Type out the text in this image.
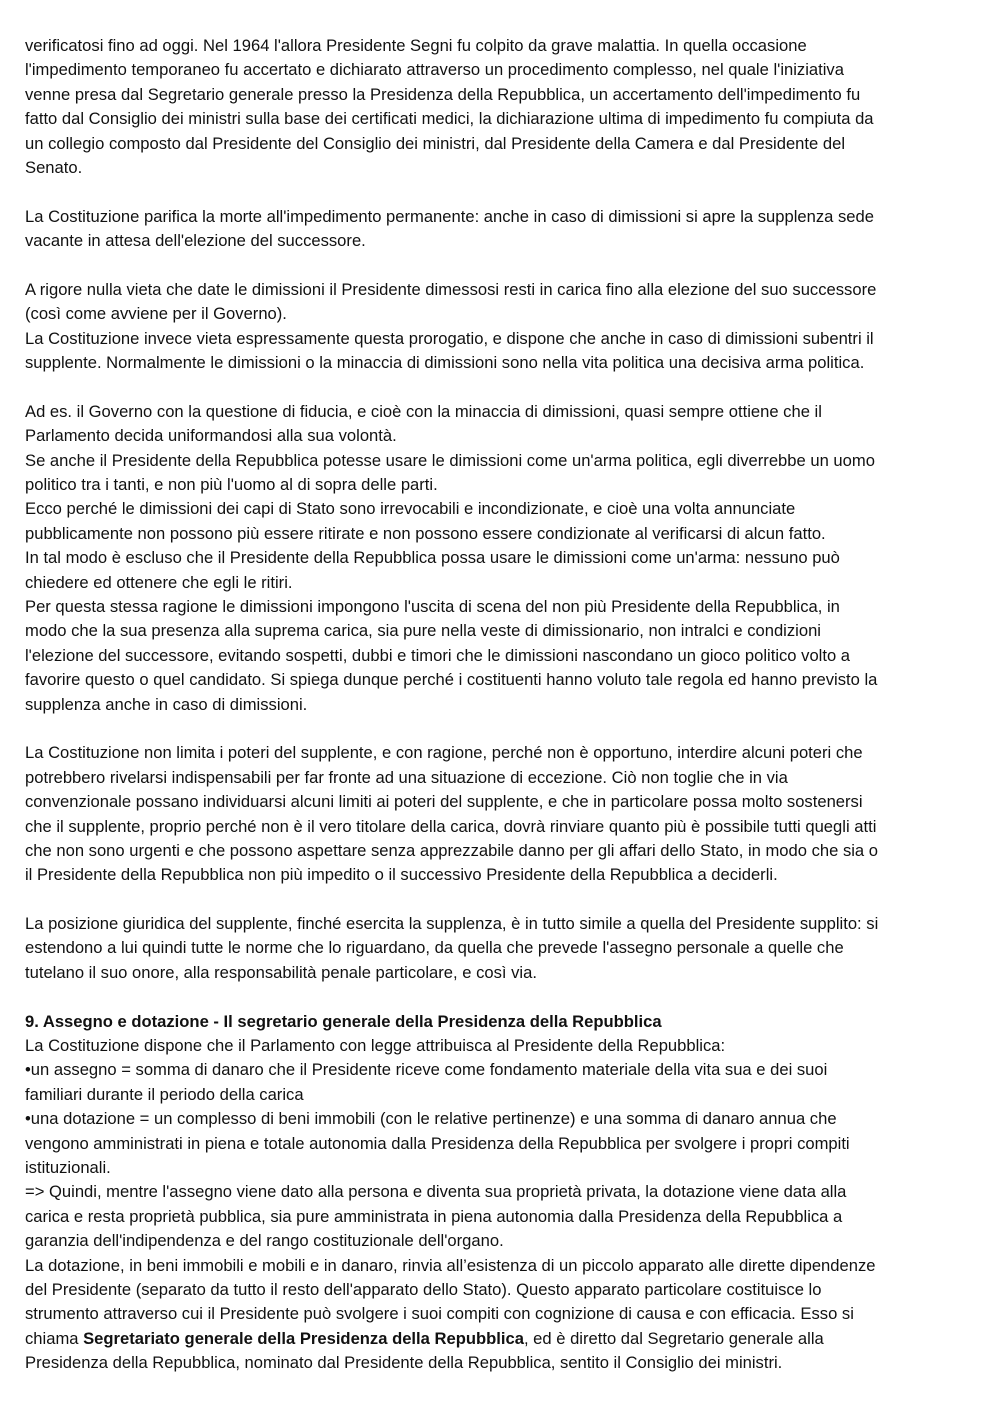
verificatosi fino ad oggi. Nel 1964 l'allora Presidente Segni fu colpito da grave malattia. In quella occasione
l'impedimento temporaneo fu accertato e dichiarato attraverso un procedimento complesso, nel quale l'iniziativa
venne presa dal Segretario generale presso la Presidenza della Repubblica, un accertamento dell'impedimento fu
fatto dal Consiglio dei ministri sulla base dei certificati medici, la dichiarazione ultima di impedimento fu compiuta da
un collegio composto dal Presidente del Consiglio dei ministri, dal Presidente della Camera e dal Presidente del
Senato.
La Costituzione parifica la morte all'impedimento permanente: anche in caso di dimissioni si apre la supplenza sede
vacante in attesa dell'elezione del successore.
A rigore nulla vieta che date le dimissioni il Presidente dimessosi resti in carica fino alla elezione del suo successore
(così come avviene per il Governo).
La Costituzione invece vieta espressamente questa prorogatio, e dispone che anche in caso di dimissioni subentri il
supplente. Normalmente le dimissioni o la minaccia di dimissioni sono nella vita politica una decisiva arma politica.
Ad es. il Governo con la questione di fiducia, e cioè con la minaccia di dimissioni, quasi sempre ottiene che il
Parlamento decida uniformandosi alla sua volontà.
Se anche il Presidente della Repubblica potesse usare le dimissioni come un'arma politica, egli diverrebbe un uomo
politico tra i tanti, e non più l'uomo al di sopra delle parti.
Ecco perché le dimissioni dei capi di Stato sono irrevocabili e incondizionate, e cioè una volta annunciate
pubblicamente non possono più essere ritirate e non possono essere condizionate al verificarsi di alcun fatto.
In tal modo è escluso che il Presidente della Repubblica possa usare le dimissioni come un'arma: nessuno può
chiedere ed ottenere che egli le ritiri.
Per questa stessa ragione le dimissioni impongono l'uscita di scena del non più Presidente della Repubblica, in
modo che la sua presenza alla suprema carica, sia pure nella veste di dimissionario, non intralci e condizioni
l'elezione del successore, evitando sospetti, dubbi e timori che le dimissioni nascondano un gioco politico volto a
favorire questo o quel candidato. Si spiega dunque perché i costituenti hanno voluto tale regola ed hanno previsto la
supplenza anche in caso di dimissioni.
La Costituzione non limita i poteri del supplente, e con ragione, perché non è opportuno, interdire alcuni poteri che
potrebbero rivelarsi indispensabili per far fronte ad una situazione di eccezione. Ciò non toglie che in via
convenzionale possano individuarsi alcuni limiti ai poteri del supplente, e che in particolare possa molto sostenersi
che il supplente, proprio perché non è il vero titolare della carica, dovrà rinviare quanto più è possibile tutti quegli atti
che non sono urgenti e che possono aspettare senza apprezzabile danno per gli affari dello Stato, in modo che sia o
il Presidente della Repubblica non più impedito o il successivo Presidente della Repubblica a deciderli.
La posizione giuridica del supplente, finché esercita la supplenza, è in tutto simile a quella del Presidente supplito: si
estendono a lui quindi tutte le norme che lo riguardano, da quella che prevede l'assegno personale a quelle che
tutelano il suo onore, alla responsabilità penale particolare, e così via.
9. Assegno e dotazione - Il segretario generale della Presidenza della Repubblica
La Costituzione dispone che il Parlamento con legge attribuisca al Presidente della Repubblica:
•un assegno = somma di danaro che il Presidente riceve come fondamento materiale della vita sua e dei suoi
familiari durante il periodo della carica
•una dotazione = un complesso di beni immobili (con le relative pertinenze) e una somma di danaro annua che
vengono amministrati in piena e totale autonomia dalla Presidenza della Repubblica per svolgere i propri compiti
istituzionali.
=> Quindi, mentre l'assegno viene dato alla persona e diventa sua proprietà privata, la dotazione viene data alla
carica e resta proprietà pubblica, sia pure amministrata in piena autonomia dalla Presidenza della Repubblica a
garanzia dell'indipendenza e del rango costituzionale dell'organo.
La dotazione, in beni immobili e mobili e in danaro, rinvia all’esistenza di un piccolo apparato alle dirette dipendenze
del Presidente (separato da tutto il resto dell'apparato dello Stato). Questo apparato particolare costituisce lo
strumento attraverso cui il Presidente può svolgere i suoi compiti con cognizione di causa e con efficacia. Esso si
chiama Segretariato generale della Presidenza della Repubblica, ed è diretto dal Segretario generale alla
Presidenza della Repubblica, nominato dal Presidente della Repubblica, sentito il Consiglio dei ministri.
